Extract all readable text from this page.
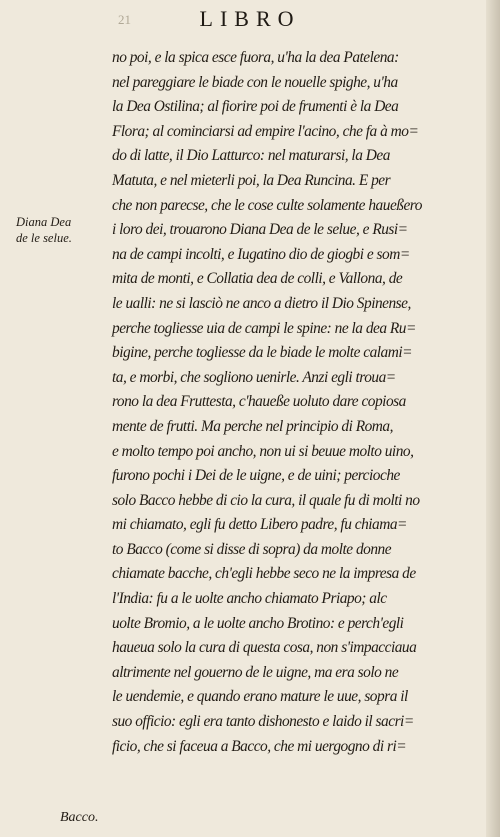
21	LIBRO
no poi, e la spica esce fuora, u'ha la dea Patelena:
nel pareggiare le biade con le nouelle spighe, u'ha
la Dea Ostilina; al fiorire poi de frumenti è la Dea
Flora; al cominciarsi ad empire l'acino, che fa à mo=
do di latte, il Dio Latturco: nel maturarsi, la Dea
Matuta, e nel mieterli poi, la Dea Runcina. E per
che non parесse, che le cose culte solamente haueßero
i loro dei, trouarono Diana Dea de le selue, e Rusi=
na de campi incolti, e Iugatino dio de giogbi e som=
mita de monti, e Collatia dea de colli, e Vallona, de
le ualli: ne si lasciò ne anco a dietro il Dio Spinense,
perche togliesse uia de campi le spine: ne la dea Ru=
bigine, perche togliesse da le biade le molte calami=
ta, e morbi, che sogliono uenirle. Anzi egli troua=
rono la dea Fruttesta, c'haueße uoluto dare copiosa
mente de frutti. Ma perche nel principio di Roma,
e molto tempo poi ancho, non ui si beuue molto uino,
furono pochi i Dei de le uigne, e de uini; percioche
solo Bacco hebbe di cio la cura, il quale fu di molti no
mi chiamato, egli fu detto Libero padre, fu chiama=
to Bacco (come si disse di sopra) da molte donne
chiamate bacche, ch'egli hebbe seco ne la impresa de
l'India: fu a le uolte ancho chiamato Priapo; alc
uolte Bromio, a le uolte ancho Brotino: e perch'egli
haueua solo la cura di questa cosa, non s'impacciaua
altrimente nel gouerno de le uigne, ma era solo ne
le uendemie, e quando erano mature le uue, sopra il
suo officio: egli era tanto dishonesto e laido il sacri=
ficio, che si faceua a Bacco, che mi uergogno di ri=
Diana Dea
de le selue.
Bacco.
